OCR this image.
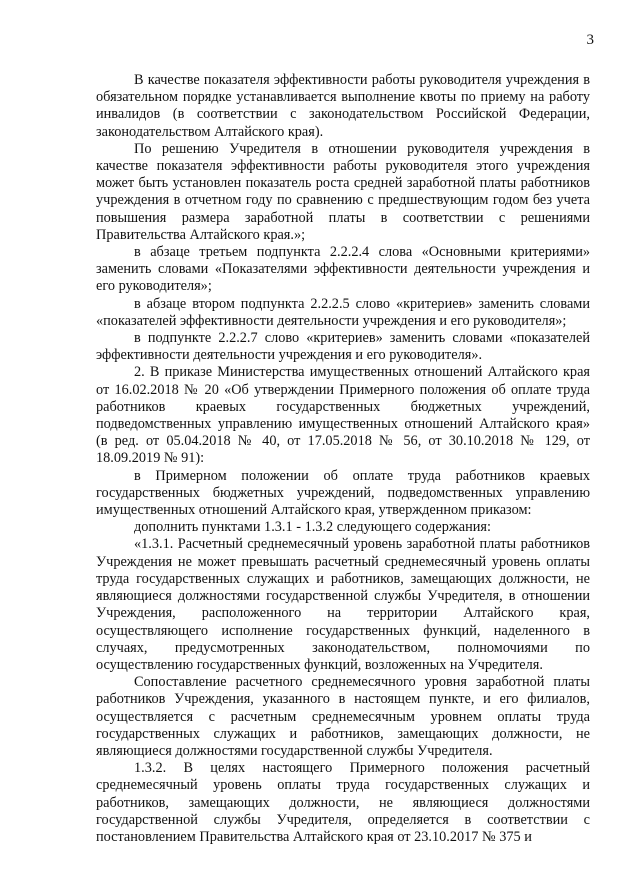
3

В качестве показателя эффективности работы руководителя учреждения в обязательном порядке устанавливается выполнение квоты по приему на работу инвалидов (в соответствии с законодательством Российской Федерации, законодательством Алтайского края).

По решению Учредителя в отношении руководителя учреждения в качестве показателя эффективности работы руководителя этого учреждения может быть установлен показатель роста средней заработной платы работников учреждения в отчетном году по сравнению с предшествующим годом без учета повышения размера заработной платы в соответствии с решениями Правительства Алтайского края.»;

в абзаце третьем подпункта 2.2.2.4 слова «Основными критериями» заменить словами «Показателями эффективности деятельности учреждения и его руководителя»;

в абзаце втором подпункта 2.2.2.5 слово «критериев» заменить словами «показателей эффективности деятельности учреждения и его руководителя»;

в подпункте 2.2.2.7 слово «критериев» заменить словами «показателей эффективности деятельности учреждения и его руководителя».

2. В приказе Министерства имущественных отношений Алтайского края от 16.02.2018 № 20 «Об утверждении Примерного положения об оплате труда работников краевых государственных бюджетных учреждений, подведомственных управлению имущественных отношений Алтайского края» (в ред. от 05.04.2018 № 40, от 17.05.2018 № 56, от 30.10.2018 № 129, от 18.09.2019 № 91):

в Примерном положении об оплате труда работников краевых государственных бюджетных учреждений, подведомственных управлению имущественных отношений Алтайского края, утвержденном приказом:

дополнить пунктами 1.3.1 - 1.3.2 следующего содержания:

«1.3.1. Расчетный среднемесячный уровень заработной платы работников Учреждения не может превышать расчетный среднемесячный уровень оплаты труда государственных служащих и работников, замещающих должности, не являющиеся должностями государственной службы Учредителя, в отношении Учреждения, расположенного на территории Алтайского края, осуществляющего исполнение государственных функций, наделенного в случаях, предусмотренных законодательством, полномочиями по осуществлению государственных функций, возложенных на Учредителя.

Сопоставление расчетного среднемесячного уровня заработной платы работников Учреждения, указанного в настоящем пункте, и его филиалов, осуществляется с расчетным среднемесячным уровнем оплаты труда государственных служащих и работников, замещающих должности, не являющиеся должностями государственной службы Учредителя.

1.3.2. В целях настоящего Примерного положения расчетный среднемесячный уровень оплаты труда государственных служащих и работников, замещающих должности, не являющиеся должностями государственной службы Учредителя, определяется в соответствии с постановлением Правительства Алтайского края от 23.10.2017 № 375 и
